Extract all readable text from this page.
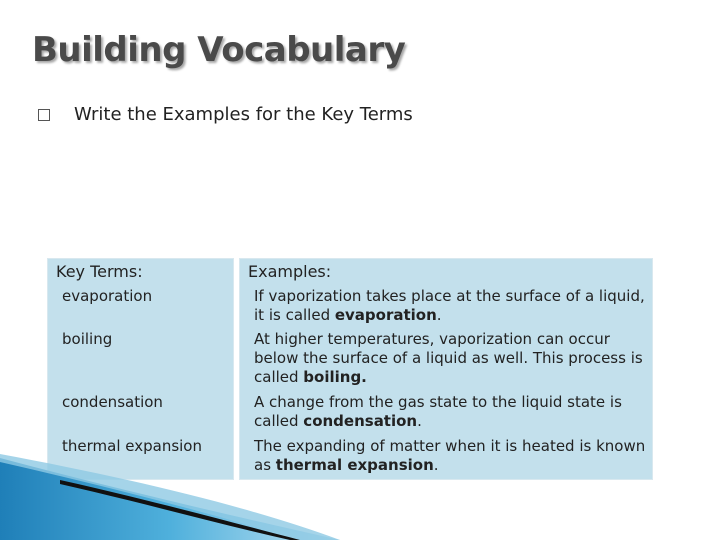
Building Vocabulary
Write the Examples for the Key Terms
Key Terms:	Examples:
evaporation	If vaporization takes place at the surface of a liquid, it is called evaporation.
boiling	At higher temperatures, vaporization can occur below the surface of a liquid as well. This process is called boiling.
condensation	A change from the gas state to the liquid state is called condensation.
thermal expansion	The expanding of matter when it is heated is known as thermal expansion.
